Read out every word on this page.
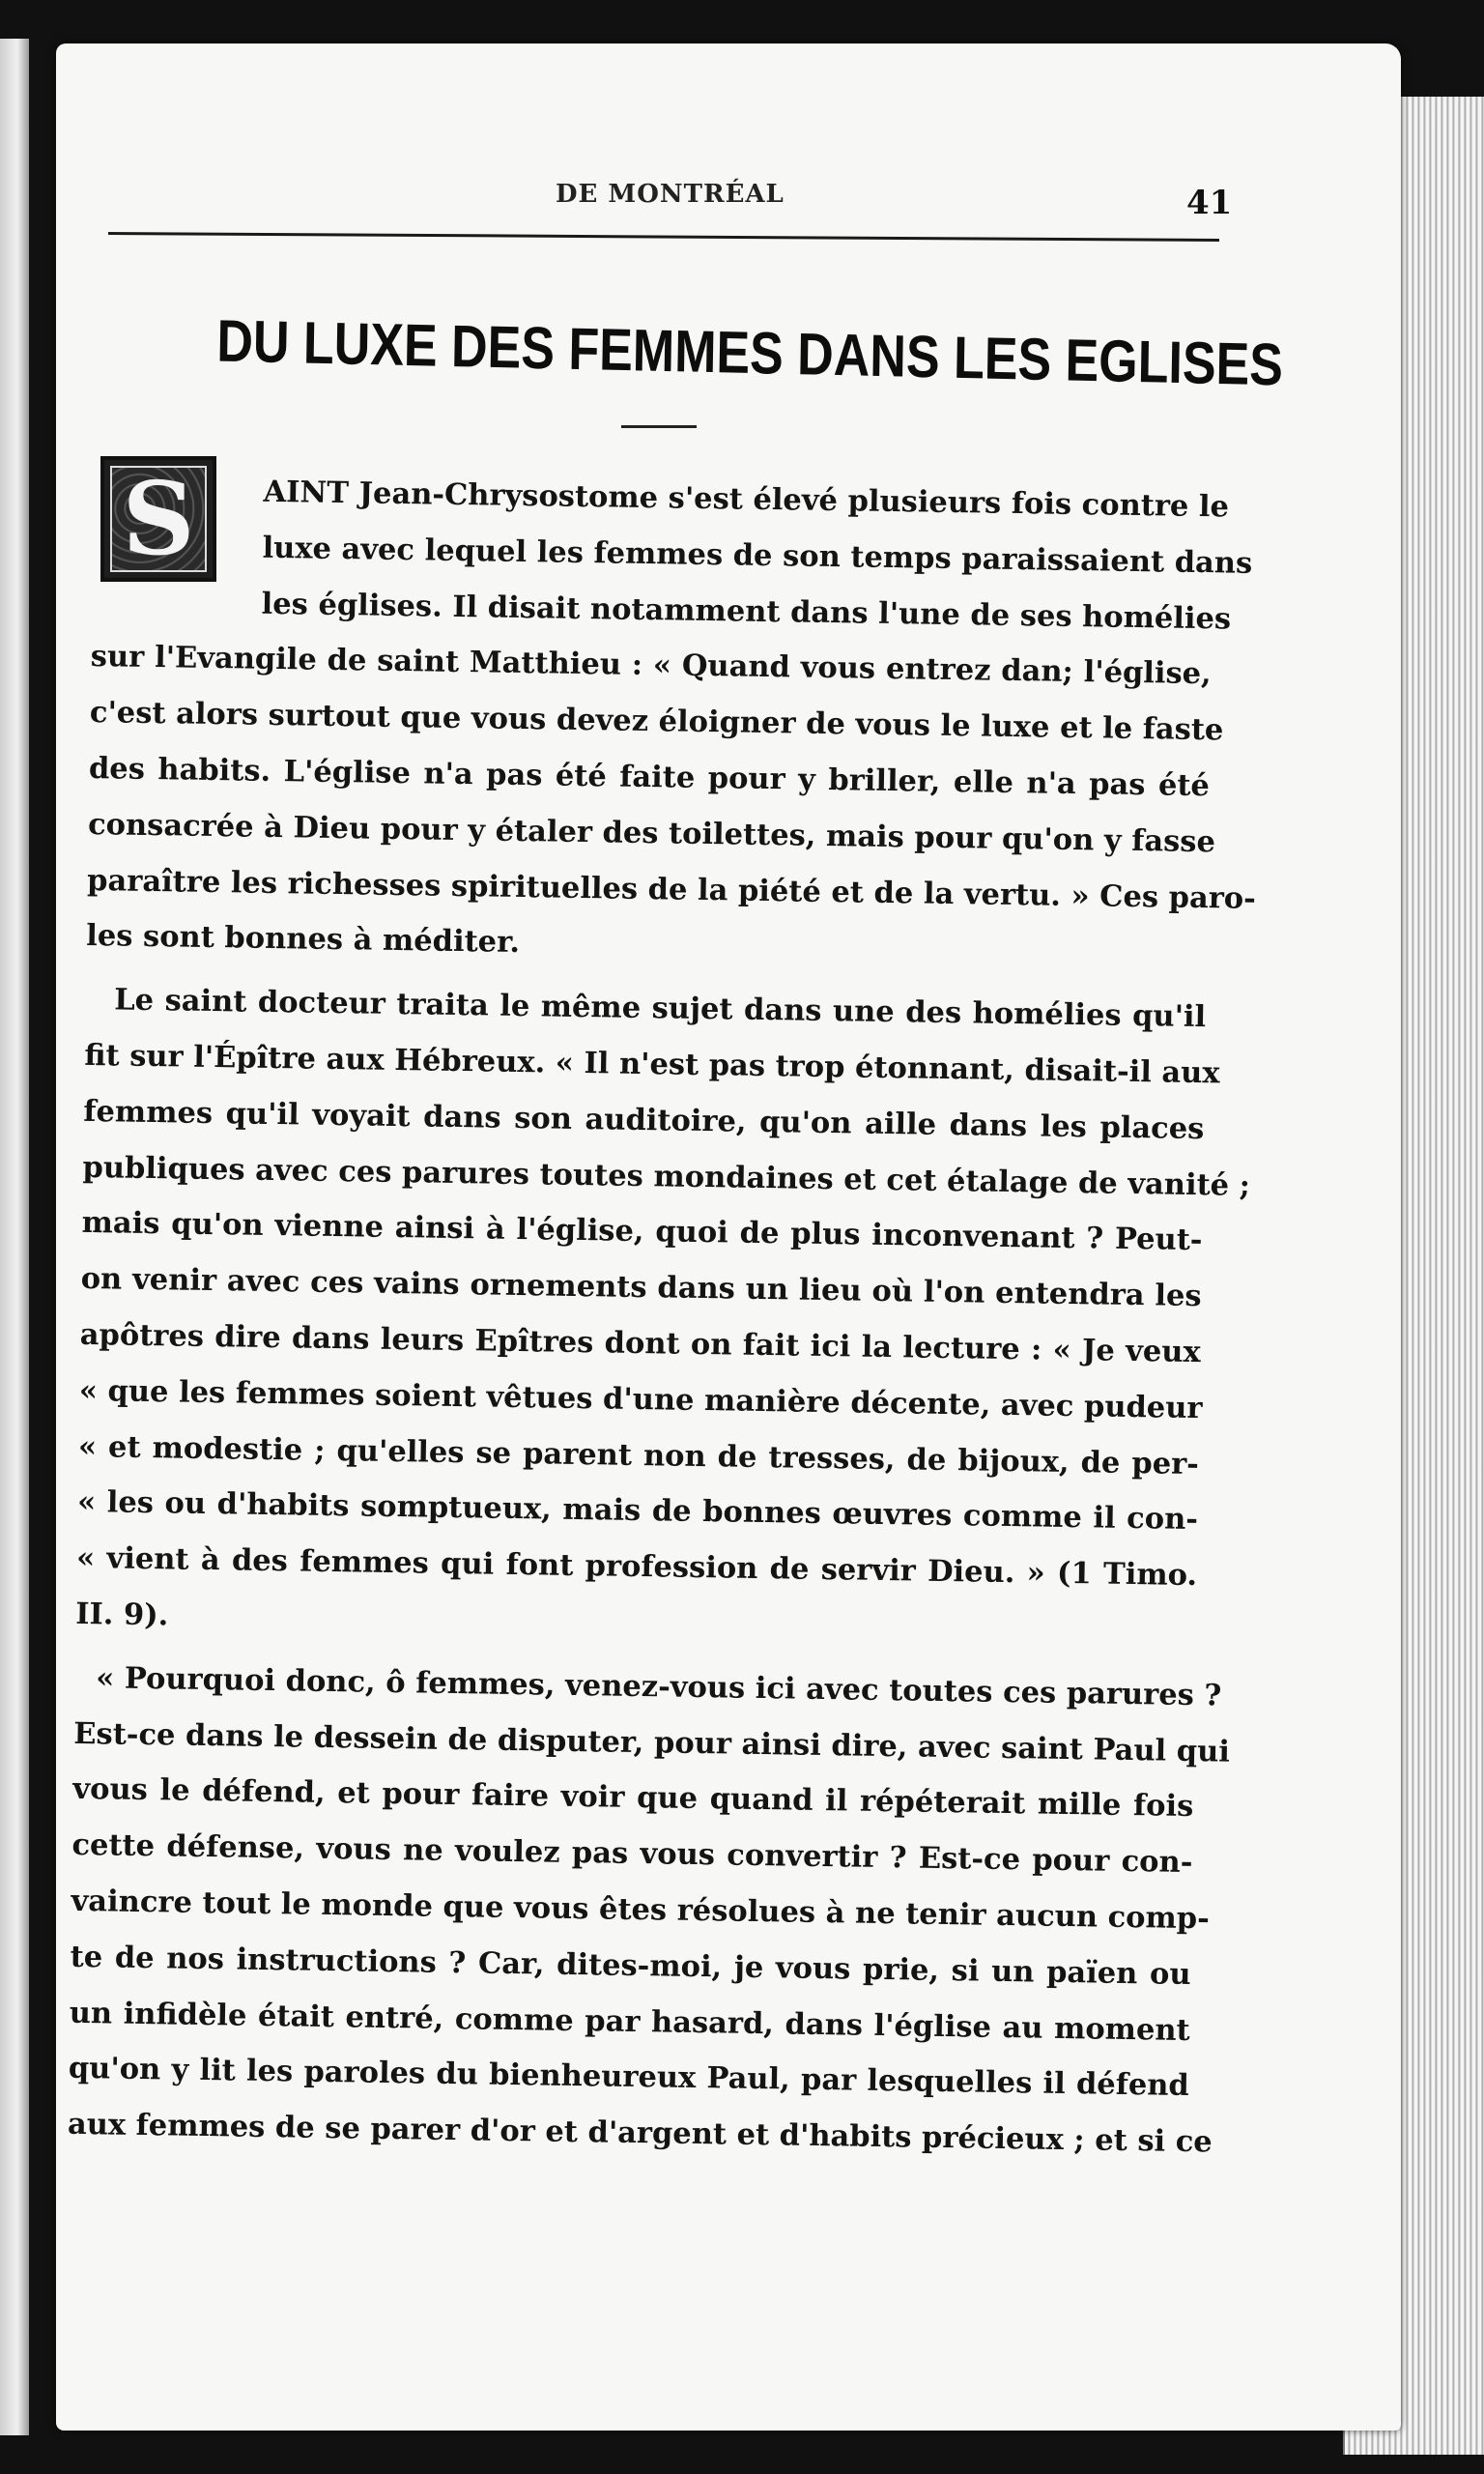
DE MONTRÉAL	41
DU LUXE DES FEMMES DANS LES EGLISES
S	AINT Jean-Chrysostome s'est élevé plusieurs fois contre le
luxe avec lequel les femmes de son temps paraissaient dans
les églises. Il disait notamment dans l'une de ses homélies
sur l'Evangile de saint Matthieu : « Quand vous entrez dan; l'église,
c'est alors surtout que vous devez éloigner de vous le luxe et le faste
des habits. L'église n'a pas été faite pour y briller, elle n'a pas été
consacrée à Dieu pour y étaler des toilettes, mais pour qu'on y fasse
paraître les richesses spirituelles de la piété et de la vertu. » Ces paro-
les sont bonnes à méditer.
Le saint docteur traita le même sujet dans une des homélies qu'il
fit sur l'Épître aux Hébreux. « Il n'est pas trop étonnant, disait-il aux
femmes qu'il voyait dans son auditoire, qu'on aille dans les places
publiques avec ces parures toutes mondaines et cet étalage de vanité ;
mais qu'on vienne ainsi à l'église, quoi de plus inconvenant ? Peut-
on venir avec ces vains ornements dans un lieu où l'on entendra les
apôtres dire dans leurs Epîtres dont on fait ici la lecture : « Je veux
« que les femmes soient vêtues d'une manière décente, avec pudeur
« et modestie ; qu'elles se parent non de tresses, de bijoux, de per-
« les ou d'habits somptueux, mais de bonnes œuvres comme il con-
« vient à des femmes qui font profession de servir Dieu. » (1 Timo.
II. 9).
« Pourquoi donc, ô femmes, venez-vous ici avec toutes ces parures ?
Est-ce dans le dessein de disputer, pour ainsi dire, avec saint Paul qui
vous le défend, et pour faire voir que quand il répéterait mille fois
cette défense, vous ne voulez pas vous convertir ? Est-ce pour con-
vaincre tout le monde que vous êtes résolues à ne tenir aucun comp-
te de nos instructions ? Car, dites-moi, je vous prie, si un païen ou
un infidèle était entré, comme par hasard, dans l'église au moment
qu'on y lit les paroles du bienheureux Paul, par lesquelles il défend
aux femmes de se parer d'or et d'argent et d'habits précieux ; et si ce
